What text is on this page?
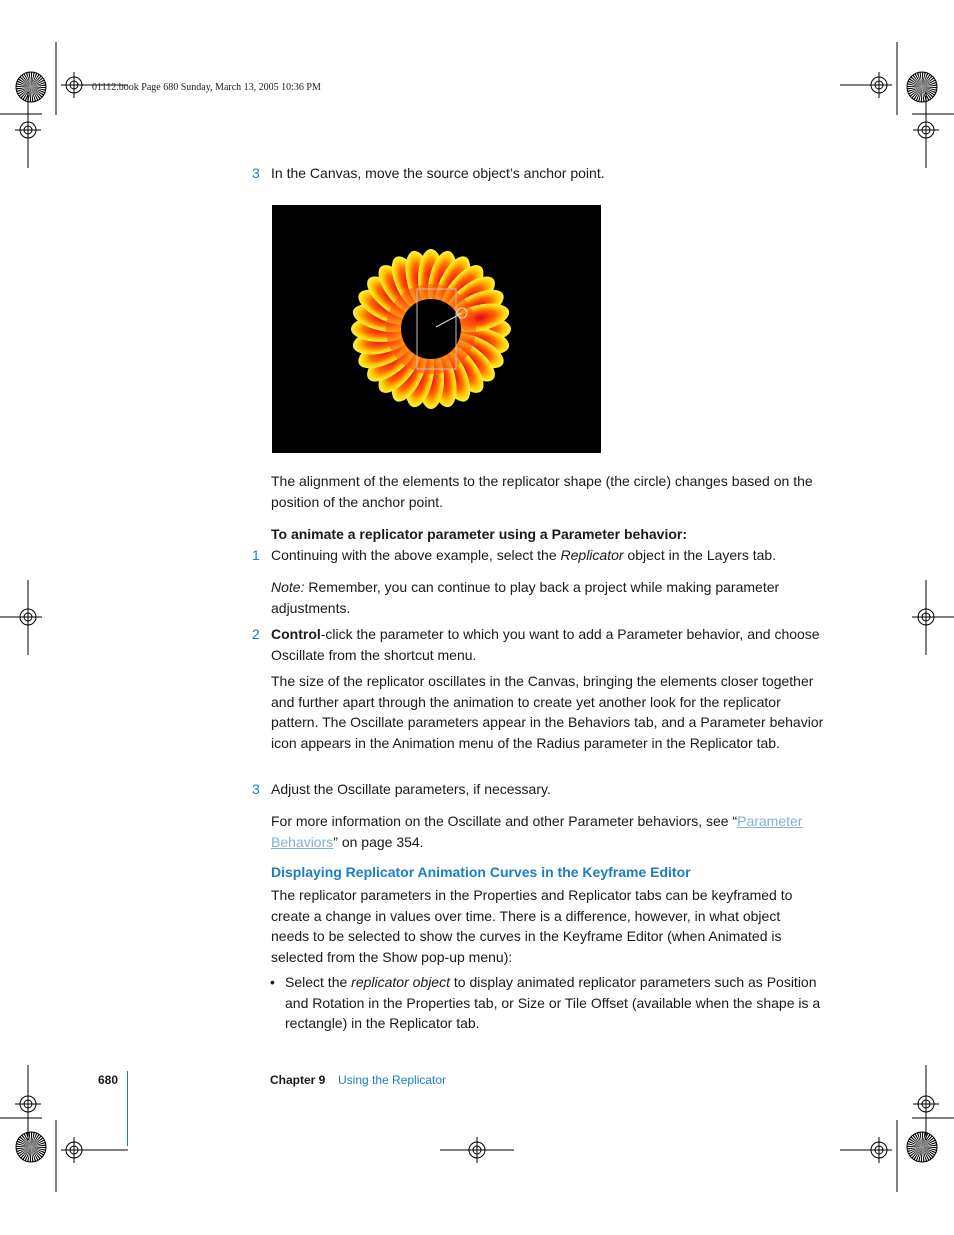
01112.book Page 680 Sunday, March 13, 2005 10:36 PM
3 In the Canvas, move the source object’s anchor point.
The alignment of the elements to the replicator shape (the circle) changes based on the position of the anchor point.
To animate a replicator parameter using a Parameter behavior:
1 Continuing with the above example, select the Replicator object in the Layers tab.
Note: Remember, you can continue to play back a project while making parameter adjustments.
2 Control-click the parameter to which you want to add a Parameter behavior, and choose Oscillate from the shortcut menu.
The size of the replicator oscillates in the Canvas, bringing the elements closer together and further apart through the animation to create yet another look for the replicator pattern. The Oscillate parameters appear in the Behaviors tab, and a Parameter behavior icon appears in the Animation menu of the Radius parameter in the Replicator tab.
3 Adjust the Oscillate parameters, if necessary.
For more information on the Oscillate and other Parameter behaviors, see “Parameter Behaviors” on page 354.
Displaying Replicator Animation Curves in the Keyframe Editor
The replicator parameters in the Properties and Replicator tabs can be keyframed to create a change in values over time. There is a difference, however, in what object needs to be selected to show the curves in the Keyframe Editor (when Animated is selected from the Show pop-up menu):
• Select the replicator object to display animated replicator parameters such as Position and Rotation in the Properties tab, or Size or Tile Offset (available when the shape is a rectangle) in the Replicator tab.
680	Chapter 9 Using the Replicator
